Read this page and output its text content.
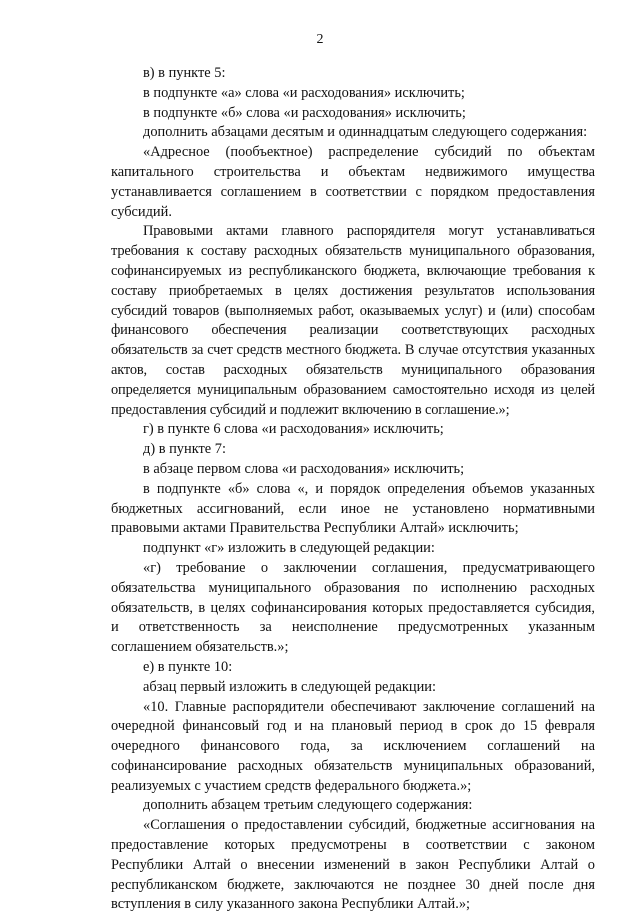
2

в) в пункте 5:

в подпункте «а» слова «и расходования» исключить;

в подпункте «б» слова «и расходования» исключить;

дополнить абзацами десятым и одиннадцатым следующего содержания:

«Адресное (пообъектное) распределение субсидий по объектам капитального строительства и объектам недвижимого имущества устанавливается соглашением в соответствии с порядком предоставления субсидий.

Правовыми актами главного распорядителя могут устанавливаться требования к составу расходных обязательств муниципального образования, софинансируемых из республиканского бюджета, включающие требования к составу приобретаемых в целях достижения результатов использования субсидий товаров (выполняемых работ, оказываемых услуг) и (или) способам финансового обеспечения реализации соответствующих расходных обязательств за счет средств местного бюджета. В случае отсутствия указанных актов, состав расходных обязательств муниципального образования определяется муниципальным образованием самостоятельно исходя из целей предоставления субсидий и подлежит включению в соглашение.»;

г) в пункте 6 слова «и расходования» исключить;

д) в пункте 7:

в абзаце первом слова «и расходования» исключить;

в подпункте «б» слова «, и порядок определения объемов указанных бюджетных ассигнований, если иное не установлено нормативными правовыми актами Правительства Республики Алтай» исключить;

подпункт «г» изложить в следующей редакции:

«г) требование о заключении соглашения, предусматривающего обязательства муниципального образования по исполнению расходных обязательств, в целях софинансирования которых предоставляется субсидия, и ответственность за неисполнение предусмотренных указанным соглашением обязательств.»;

е) в пункте 10:

абзац первый изложить в следующей редакции:

«10. Главные распорядители обеспечивают заключение соглашений на очередной финансовый год и на плановый период в срок до 15 февраля очередного финансового года, за исключением соглашений на софинансирование расходных обязательств муниципальных образований, реализуемых с участием средств федерального бюджета.»;

дополнить абзацем третьим следующего содержания:

«Соглашения о предоставлении субсидий, бюджетные ассигнования на предоставление которых предусмотрены в соответствии с законом Республики Алтай о внесении изменений в закон Республики Алтай о республиканском бюджете, заключаются не позднее 30 дней после дня вступления в силу указанного закона Республики Алтай.»;
